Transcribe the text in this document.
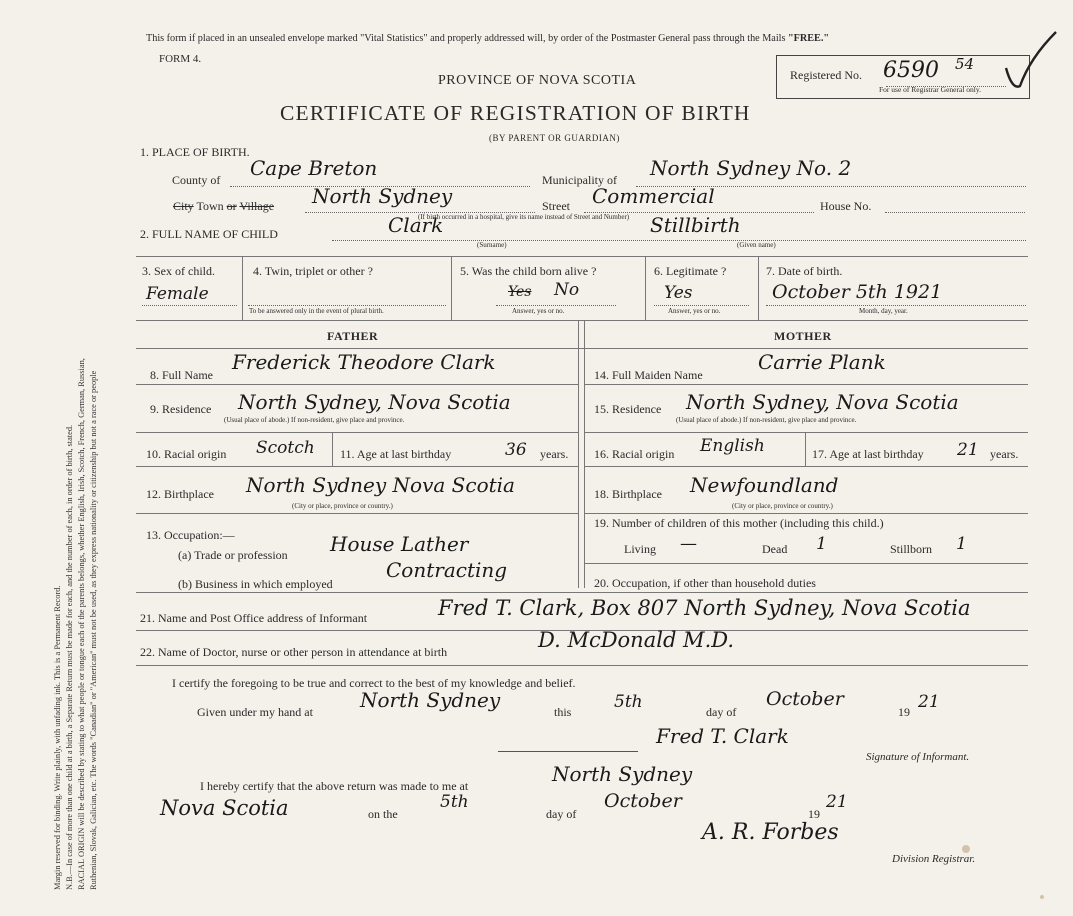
Margin reserved for binding. Write plainly, with unfading ink. This is a Permanent Record. N.B.—In case of more than one child at a birth, a Separate Return must be made for each, and the number of each, in order of birth, stated. RACIAL ORIGIN will be described by stating to what people or tongue each of the parents belongs, whether English, Irish, Scotch, French, German, Russian, Ruthenian, Slovak, Galician, etc. The words "Canadian" or "American" must not be used, as they express nationality or citizenship but not a race or people
This form if placed in an unsealed envelope marked "Vital Statistics" and properly addressed will, by order of the Postmaster General pass through the Mails "FREE."
FORM 4.
PROVINCE OF NOVA SCOTIA
CERTIFICATE OF REGISTRATION OF BIRTH
(BY PARENT OR GUARDIAN)
Registered No. 6590 54
For use of Registrar General only.
1. PLACE OF BIRTH.
County of Cape Breton	Municipality of North Sydney No. 2
City Town or Village North Sydney	Street Commercial
(If birth occurred in a hospital, give its name instead of Street and Number)
House No.
2. FULL NAME OF CHILD	Clark
(Surname)
Stillbirth
(Given name)
3. Sex of child.
Female
4. Twin, triplet or other ?
To be answered only in the event of plural birth.
5. Was the child born alive ?
Yes No
Answer, yes or no.
6. Legitimate ?
Yes
Answer, yes or no.
7. Date of birth.
October 5th 1921
Month, day, year.
FATHER	MOTHER
8. Full Name
Frederick Theodore Clark
9. Residence North Sydney, Nova Scotia
(Usual place of abode.) If non-resident, give place and province.
10. Racial origin Scotch 11. Age at last birthday	36 years.
12. Birthplace North Sydney Nova Scotia
(City or place, province or country.)
13. Occupation:—
(a) Trade or profession House Lather
(b) Business in which employed
Contracting
14. Full Maiden Name
Carrie Plank
15. Residence North Sydney, Nova Scotia
(Usual place of abode.) If non-resident, give place and province.
16. Racial origin English	17. Age at last birthday 21 years.
18. Birthplace Newfoundland
(City or place, province or country.)
19. Number of children of this mother (including this child.)
Living —	Dead 1	Stillborn 1
20. Occupation, if other than household duties
21. Name and Post Office address of Informant	Fred T. Clark, Box 807 North Sydney, Nova Scotia
22. Name of Doctor, nurse or other person in attendance at birth	D. McDonald M.D.
I certify the foregoing to be true and correct to the best of my knowledge and belief.
Given under my hand at North Sydney	this	5th	day of
October
19 21
Fred T. Clark
Signature of Informant.
I hereby certify that the above return was made to me at	North Sydney
Nova Scotia	on the
5th
day of
October
19
21
A. R. Forbes
Division Registrar.
